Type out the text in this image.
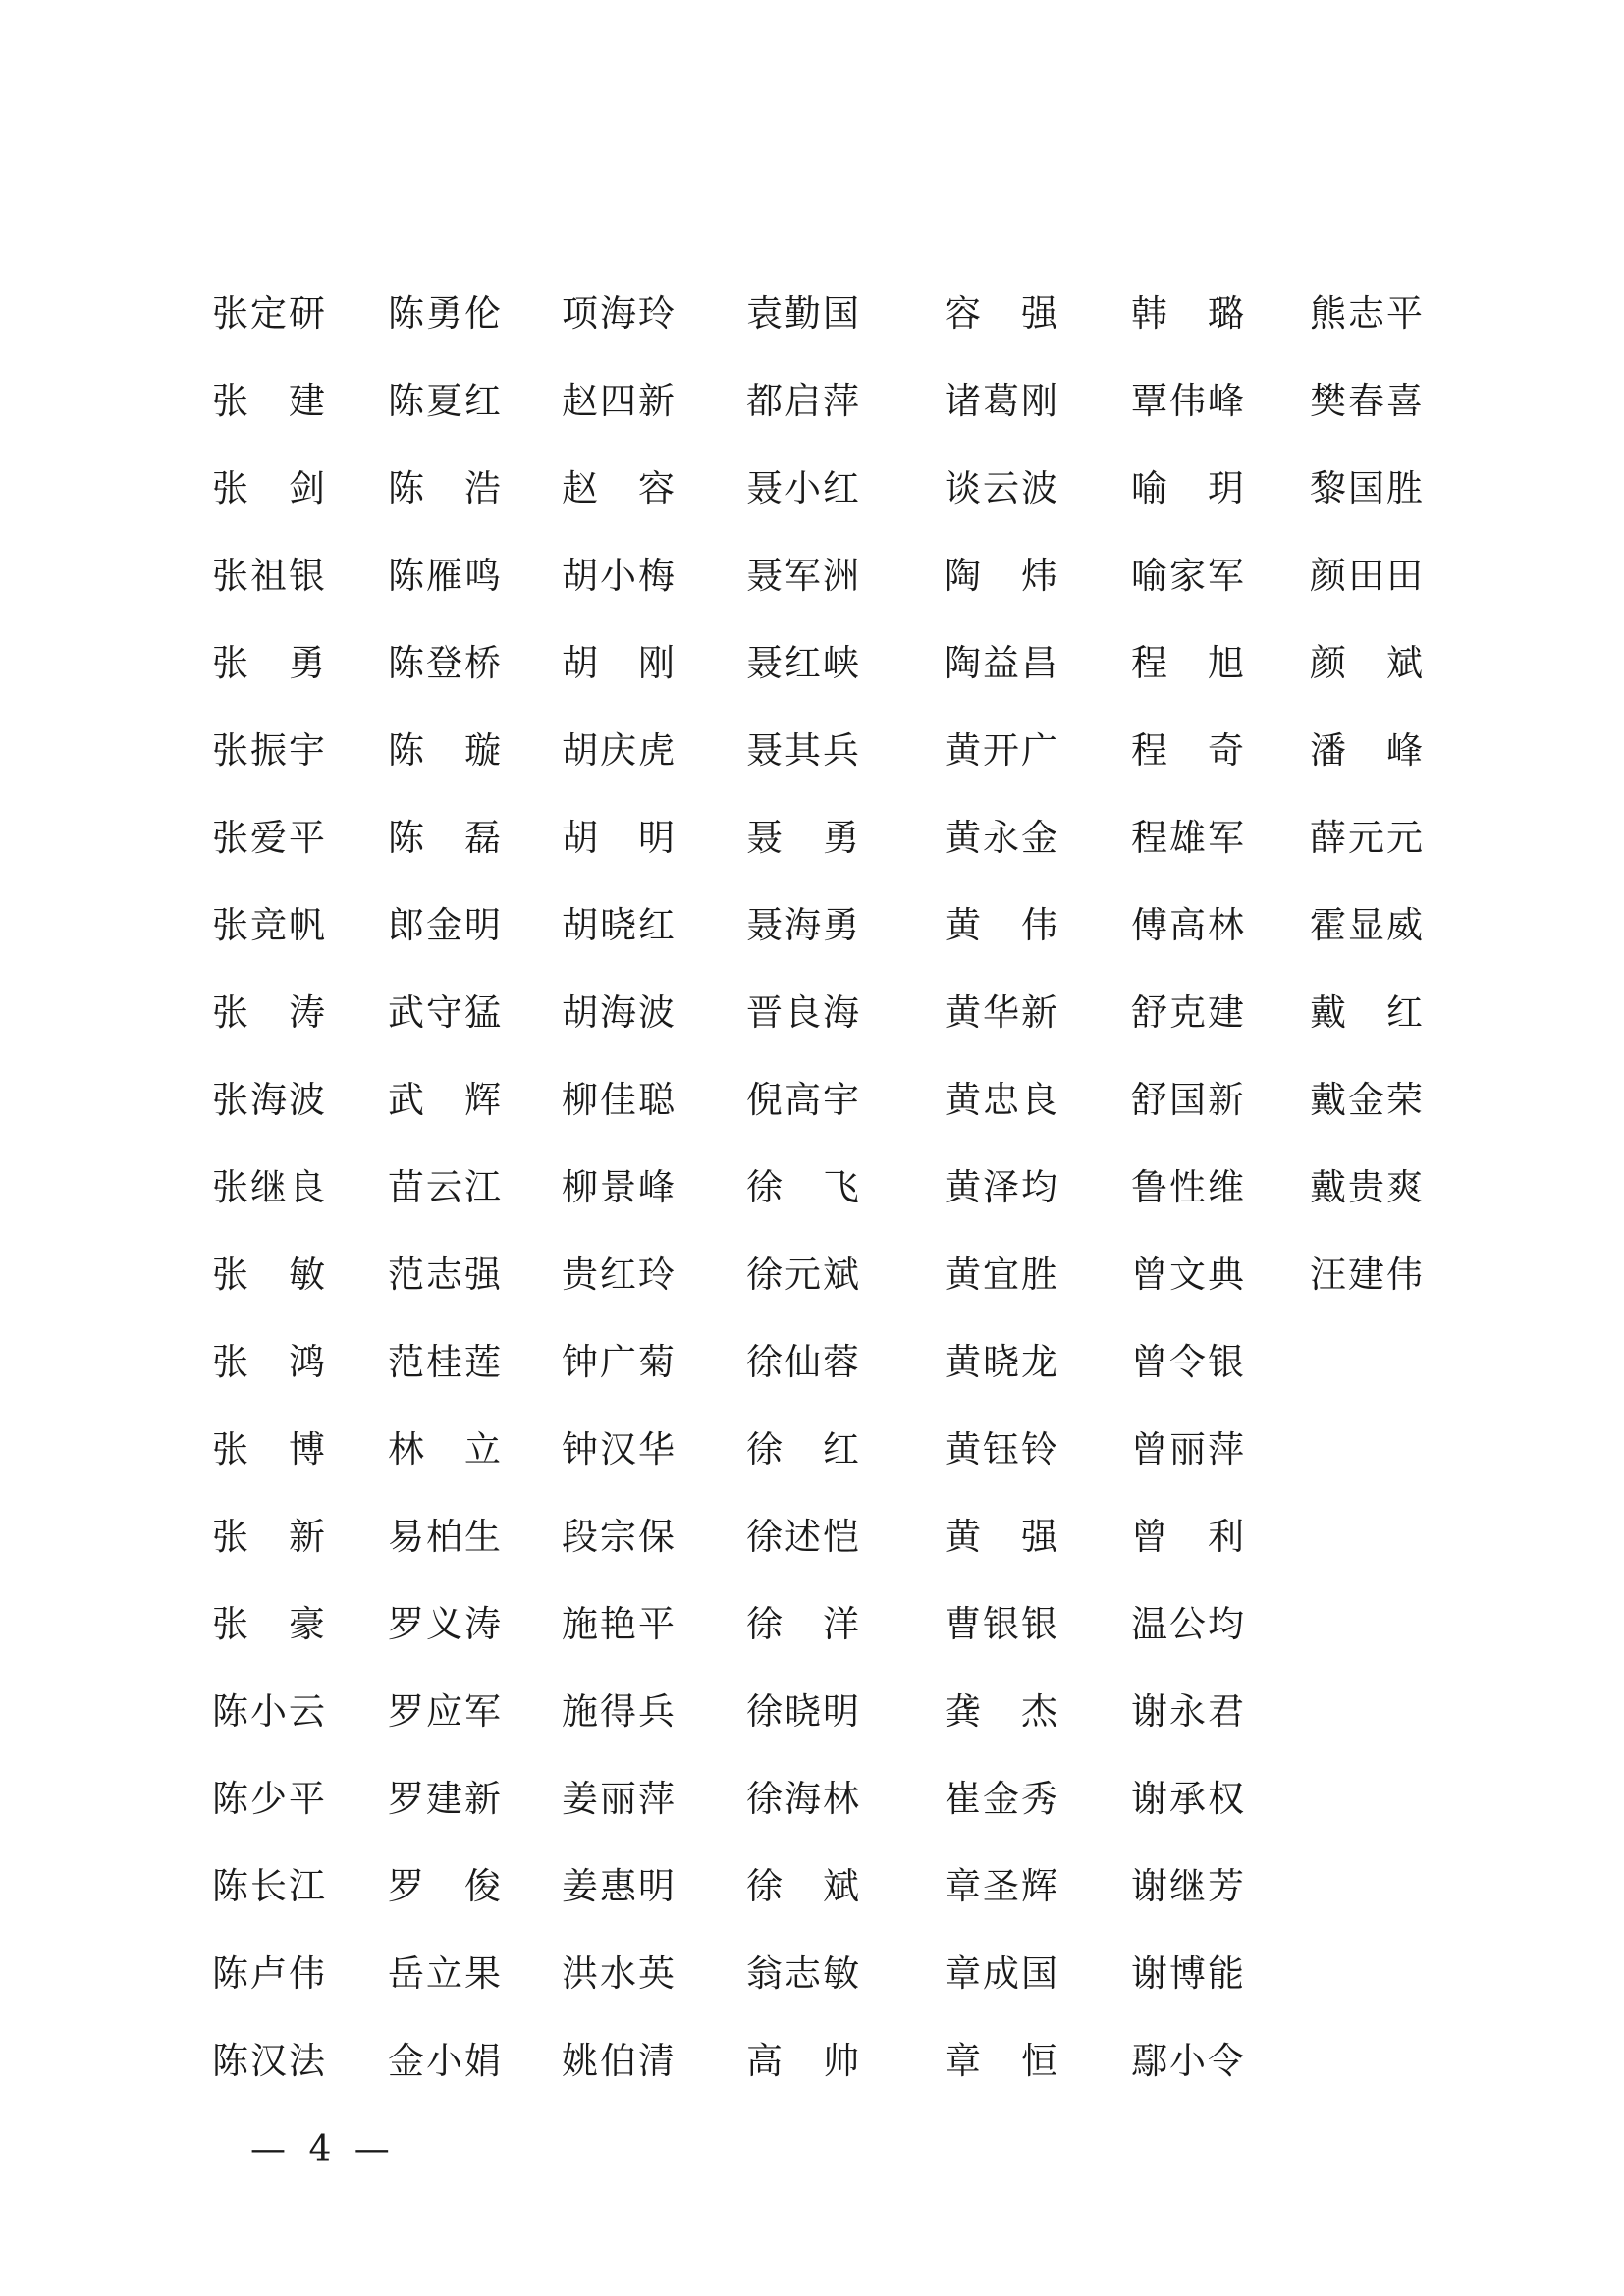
张 定 研 陈 勇 伦 项 海 玲 袁 勤 国 容 强 韩 璐 熊 志 平
张 建 陈 夏 红 赵 四 新 都 启 萍 诸 葛 刚 覃 伟 峰 樊 春 喜
张 剑 陈 浩 赵 容 聂 小 红 谈 云 波 喻 玥 黎 国 胜
张 祖 银 陈 雁 鸣 胡 小 梅 聂 军 洲 陶 炜 喻 家 军 颜 田 田
张 勇 陈 登 桥 胡 刚 聂 红 峡 陶 益 昌 程 旭 颜 斌
张 振 宇 陈 璇 胡 庆 虎 聂 其 兵 黄 开 广 程 奇 潘 峰
张 爱 平 陈 磊 胡 明 聂 勇 黄 永 金 程 雄 军 薛 元 元
张 竞 帆 郎 金 明 胡 晓 红 聂 海 勇 黄 伟 傅 高 林 霍 显 威
张 涛 武 守 猛 胡 海 波 晋 良 海 黄 华 新 舒 克 建 戴 红
张 海 波 武 辉 柳 佳 聪 倪 高 宇 黄 忠 良 舒 国 新 戴 金 荣
张 继 良 苗 云 江 柳 景 峰 徐 飞 黄 泽 均 鲁 性 维 戴 贵 爽
张 敏 范 志 强 贵 红 玲 徐 元 斌 黄 宜 胜 曾 文 典 汪 建 伟
张 鸿 范 桂 莲 钟 广 菊 徐 仙 蓉 黄 晓 龙 曾 令 银
张 博 林 立 钟 汉 华 徐 红 黄 钰 铃 曾 丽 萍
张 新 易 柏 生 段 宗 保 徐 述 恺 黄 强 曾 利
张 豪 罗 义 涛 施 艳 平 徐 洋 曹 银 银 温 公 均
陈 小 云 罗 应 军 施 得 兵 徐 晓 明 龚 杰 谢 永 君
陈 少 平 罗 建 新 姜 丽 萍 徐 海 林 崔 金 秀 谢 承 权
陈 长 江 罗 俊 姜 惠 明 徐 斌 章 圣 辉 谢 继 芳
陈 卢 伟 岳 立 果 洪 水 英 翁 志 敏 章 成 国 谢 博 能
陈 汉 法 金 小 娟 姚 伯 清 高 帅 章 恒 鄢 小 令
— 4 —
